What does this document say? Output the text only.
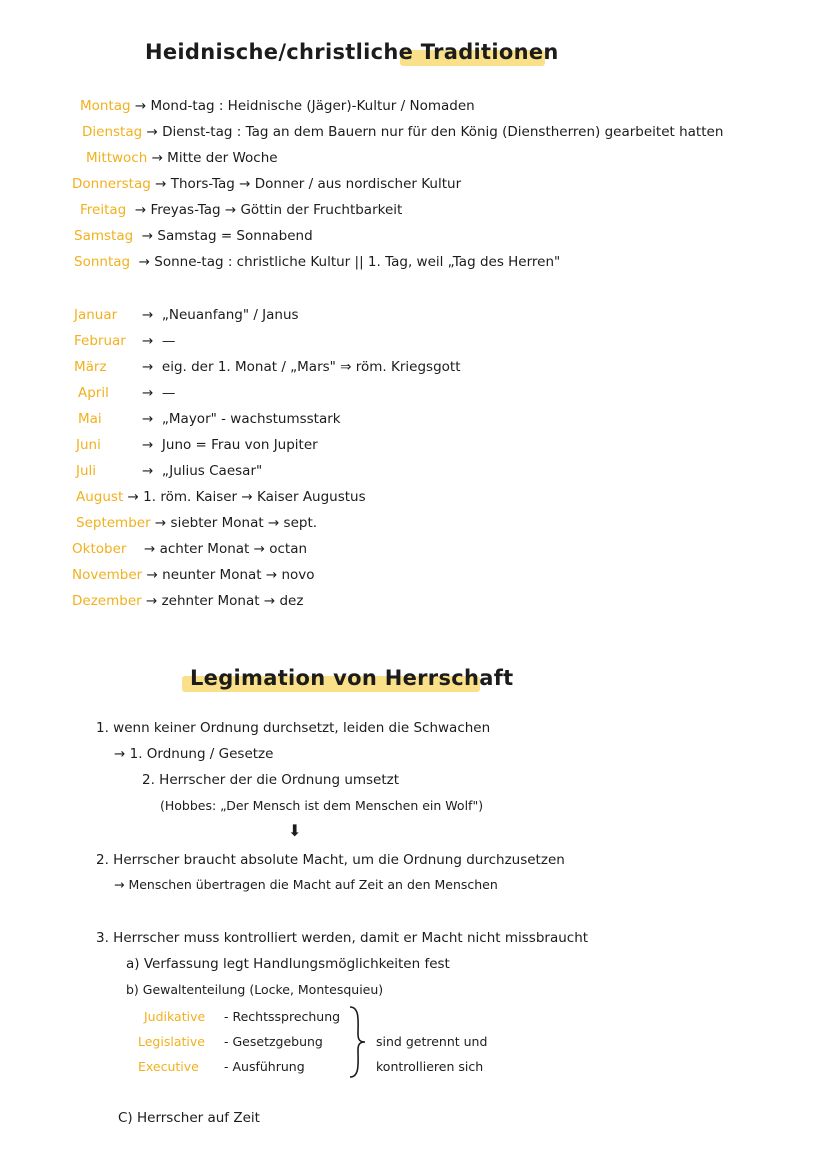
Heidnische/christliche Traditionen
Montag → Mond-tag : Heidnische (Jäger)-Kultur / Nomaden
Dienstag → Dienst-tag : Tag an dem Bauern nur für den König (Dienstherren) gearbeitet hatten
Mittwoch → Mitte der Woche
Donnerstag → Thors-Tag → Donner / aus nordischer Kultur
Freitag → Freyas-Tag → Göttin der Fruchtbarkeit
Samstag → Samstag = Sonnabend
Sonntag → Sonne-tag : christliche Kultur || 1. Tag, weil „Tag des Herren"
Januar → „Neuanfang" / Janus
Februar → —
März	→ eig. der 1. Monat / „Mars" ⇒ röm. Kriegsgott
April → —
Mai	→ „Mayor" - wachstumsstark
Juni	→ Juno = Frau von Jupiter
Juli	→ „Julius Caesar"
August → 1. röm. Kaiser → Kaiser Augustus
September → siebter Monat → sept.
Oktober → achter Monat → octan
November → neunter Monat → novo
Dezember → zehnter Monat → dez
Legimation von Herrschaft
1. wenn keiner Ordnung durchsetzt, leiden die Schwachen
→ 1. Ordnung / Gesetze
2. Herrscher der die Ordnung umsetzt
(Hobbes: „Der Mensch ist dem Menschen ein Wolf")
⬇
2. Herrscher braucht absolute Macht, um die Ordnung durchzusetzen
→ Menschen übertragen die Macht auf Zeit an den Menschen
3. Herrscher muss kontrolliert werden, damit er Macht nicht missbraucht
a) Verfassung legt Handlungsmöglichkeiten fest
b) Gewaltenteilung (Locke, Montesquieu)
Judikative - Rechtssprechung
Legislative - Gesetzgebung
Executive - Ausführung
sind getrennt und
kontrollieren sich
C) Herrscher auf Zeit
